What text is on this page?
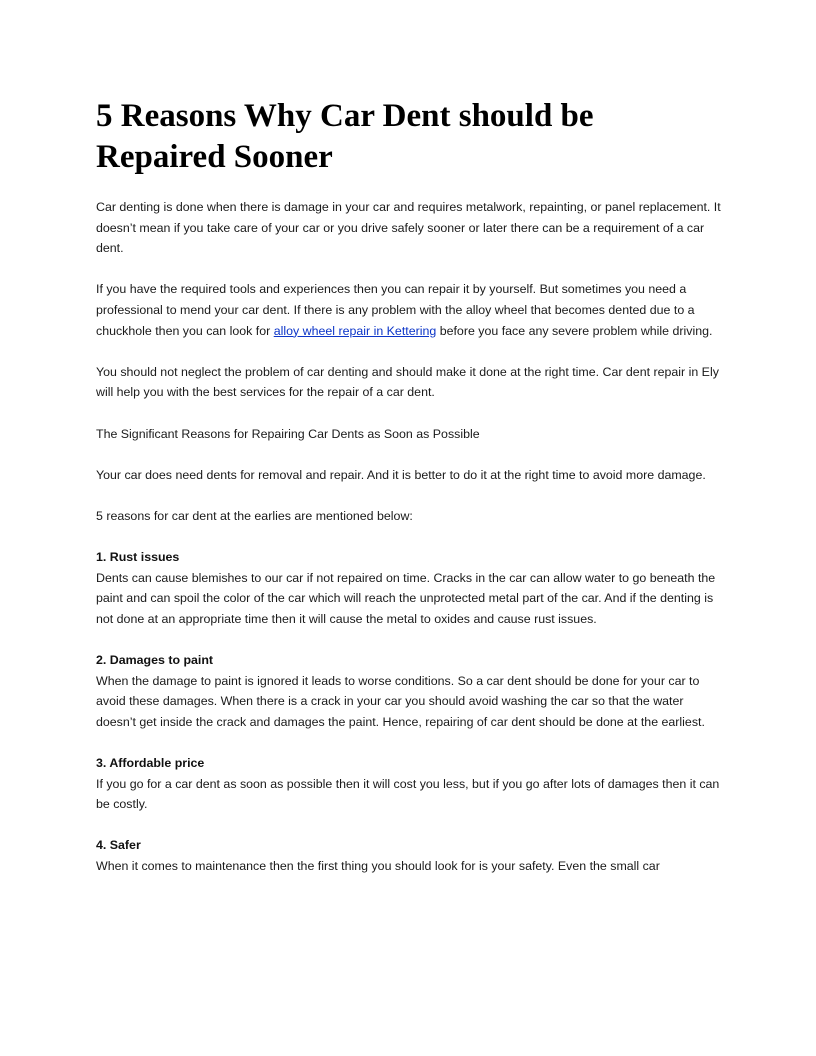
5 Reasons Why Car Dent should be Repaired Sooner

Car denting is done when there is damage in your car and requires metalwork, repainting, or panel replacement. It doesn’t mean if you take care of your car or you drive safely sooner or later there can be a requirement of a car dent.

If you have the required tools and experiences then you can repair it by yourself. But sometimes you need a professional to mend your car dent. If there is any problem with the alloy wheel that becomes dented due to a chuckhole then you can look for alloy wheel repair in Kettering before you face any severe problem while driving.

You should not neglect the problem of car denting and should make it done at the right time. Car dent repair in Ely will help you with the best services for the repair of a car dent.

The Significant Reasons for Repairing Car Dents as Soon as Possible

Your car does need dents for removal and repair. And it is better to do it at the right time to avoid more damage.

5 reasons for car dent at the earlies are mentioned below:

1. Rust issues

Dents can cause blemishes to our car if not repaired on time. Cracks in the car can allow water to go beneath the paint and can spoil the color of the car which will reach the unprotected metal part of the car. And if the denting is not done at an appropriate time then it will cause the metal to oxides and cause rust issues.

2. Damages to paint

When the damage to paint is ignored it leads to worse conditions. So a car dent should be done for your car to avoid these damages. When there is a crack in your car you should avoid washing the car so that the water doesn’t get inside the crack and damages the paint. Hence, repairing of car dent should be done at the earliest.

3. Affordable price

If you go for a car dent as soon as possible then it will cost you less, but if you go after lots of damages then it can be costly.

4. Safer

When it comes to maintenance then the first thing you should look for is your safety. Even the small car
